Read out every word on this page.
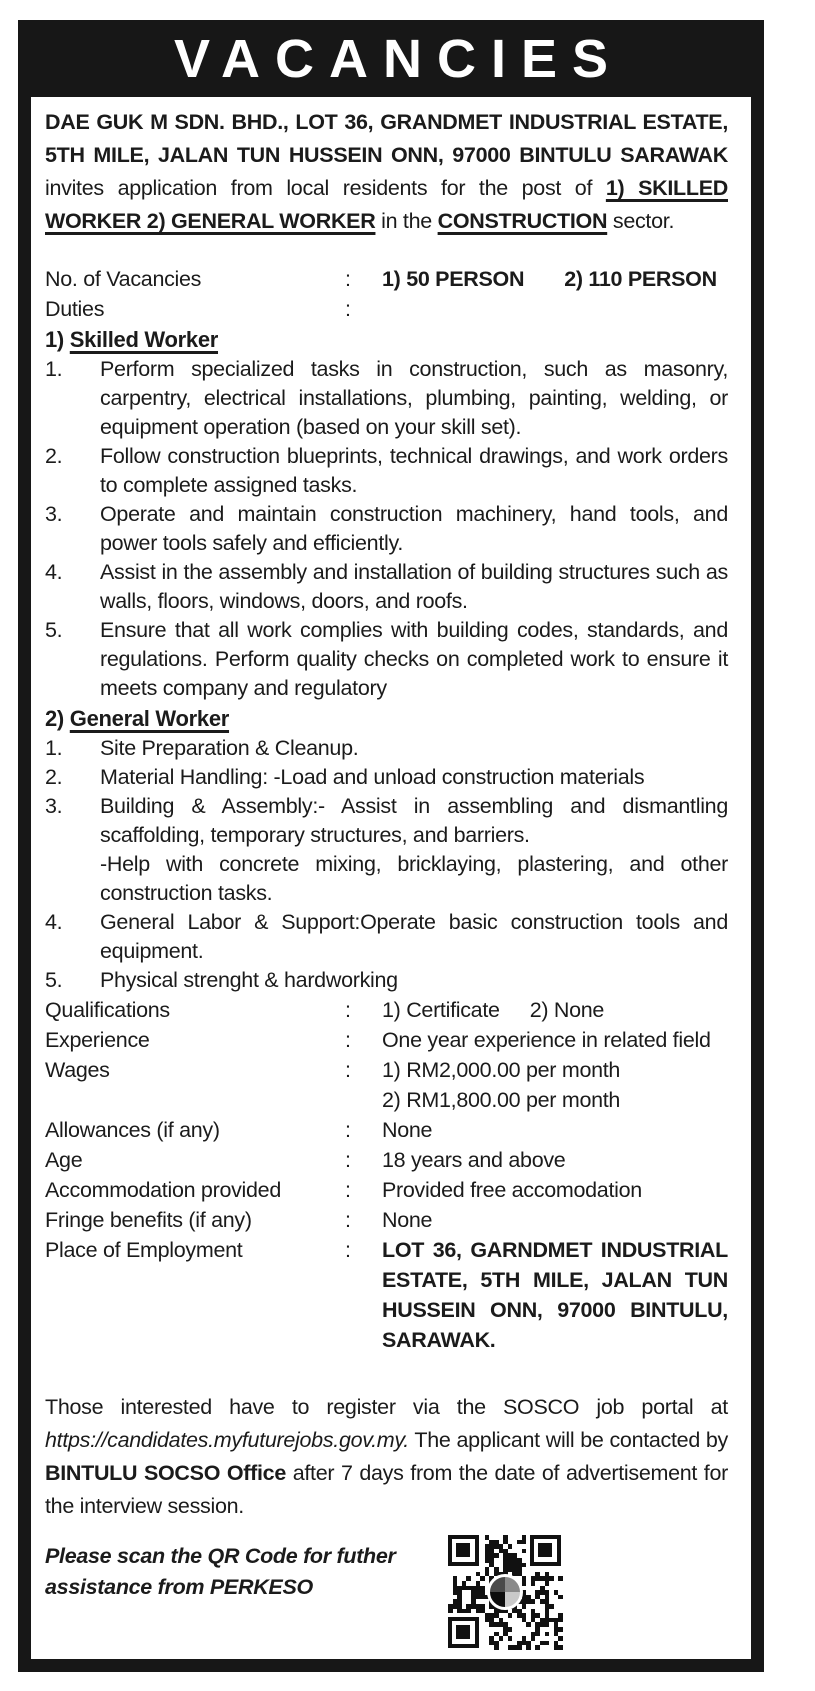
VACANCIES

DAE GUK M SDN. BHD., LOT 36, GRANDMET INDUSTRIAL ESTATE, 5TH MILE, JALAN TUN HUSSEIN ONN, 97000 BINTULU SARAWAK invites application from local residents for the post of 1) SKILLED WORKER 2) GENERAL WORKER in the CONSTRUCTION sector.

No. of Vacancies	:	1) 50 PERSON 2) 110 PERSON
Duties	:
1) Skilled Worker
1.	Perform specialized tasks in construction, such as masonry, carpentry, electrical installations, plumbing, painting, welding, or equipment operation (based on your skill set).
2.	Follow construction blueprints, technical drawings, and work orders to complete assigned tasks.
3.	Operate and maintain construction machinery, hand tools, and power tools safely and efficiently.
4.	Assist in the assembly and installation of building structures such as walls, floors, windows, doors, and roofs.
5.	Ensure that all work complies with building codes, standards, and regulations. Perform quality checks on completed work to ensure it meets company and regulatory
2) General Worker
1.	Site Preparation & Cleanup.
2.	Material Handling: -Load and unload construction materials
3.	Building & Assembly:- Assist in assembling and dismantling scaffolding, temporary structures, and barriers.
-Help with concrete mixing, bricklaying, plastering, and other construction tasks.
4.	General Labor & Support:Operate basic construction tools and equipment.
5.	Physical strenght & hardworking
Qualifications	:	1) Certificate 2) None
Experience	:	One year experience in related field
Wages	:	1) RM2,000.00 per month
2) RM1,800.00 per month
Allowances (if any)	:	None
Age	:	18 years and above
Accommodation provided	:	Provided free accomodation
Fringe benefits (if any)	:	None
Place of Employment	:	LOT 36, GARNDMET INDUSTRIAL ESTATE, 5TH MILE, JALAN TUN HUSSEIN ONN, 97000 BINTULU, SARAWAK.

Those interested have to register via the SOSCO job portal at https://candidates.myfuturejobs.gov.my. The applicant will be contacted by BINTULU SOCSO Office after 7 days from the date of advertisement for the interview session.

Please scan the QR Code for futher assistance from PERKESO
